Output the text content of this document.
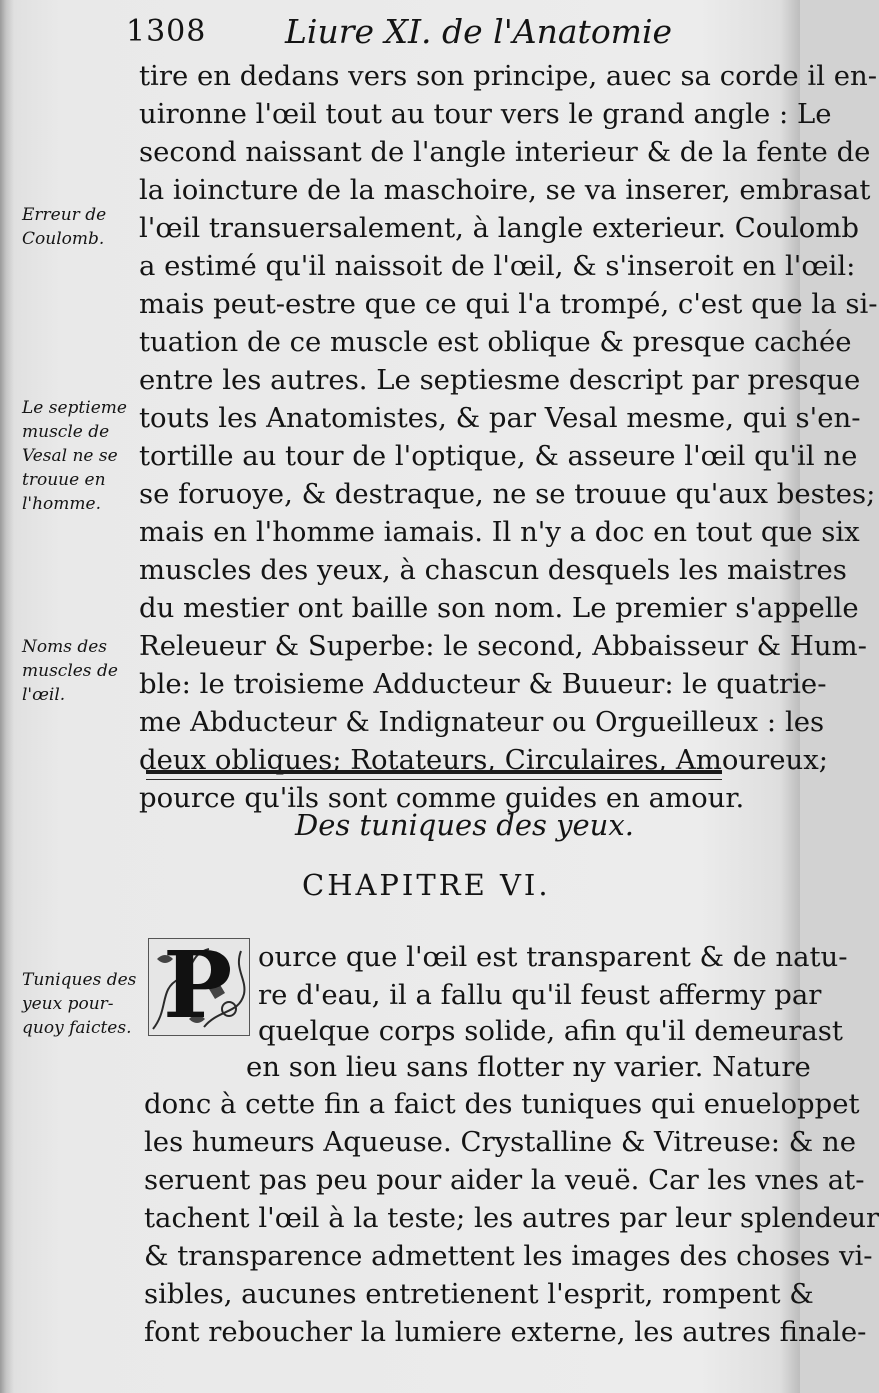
1308 Liure XI. de l'Anatomie
tire en dedans vers son principe, auec sa corde il en-
uironne l'œil tout au tour vers le grand angle : Le
second naissant de l'angle interieur & de la fente de
la ioincture de la maschoire, se va inserer, embrasat
l'œil transuersalement, à langle exterieur. Coulomb
a estimé qu'il naissoit de l'œil, & s'inseroit en l'œil:
mais peut-estre que ce qui l'a trompé, c'est que la si-
tuation de ce muscle est oblique & presque cachée
entre les autres. Le septiesme descript par presque
touts les Anatomistes, & par Vesal mesme, qui s'en-
tortille au tour de l'optique, & asseure l'œil qu'il ne
se foruoye, & destraque, ne se trouue qu'aux bestes;
mais en l'homme iamais. Il n'y a doc en tout que six
muscles des yeux, à chascun desquels les maistres
du mestier ont baille son nom. Le premier s'appelle
Releueur & Superbe: le second, Abbaisseur & Hum-
ble: le troisieme Adducteur & Buueur: le quatrie-
me Abducteur & Indignateur ou Orgueilleux : les
deux obliques; Rotateurs, Circulaires, Amoureux;
pource qu'ils sont comme guides en amour.
Erreur de
Coulomb.
Le septieme
muscle de
Vesal ne se
trouue en
l'homme.
Noms des
muscles de
l'œil.
Tuniques des
yeux pour-
quoy faictes.
Des tuniques des yeux.
CHAPITRE VI.
P ource que l'œil est transparent & de natu-
re d'eau, il a fallu qu'il feust affermy par
quelque corps solide, afin qu'il demeurast
en son lieu sans flotter ny varier. Nature
donc à cette fin a faict des tuniques qui enueloppet
les humeurs Aqueuse. Crystalline & Vitreuse: & ne
seruent pas peu pour aider la veuë. Car les vnes at-
tachent l'œil à la teste; les autres par leur splendeur
& transparence admettent les images des choses vi-
sibles, aucunes entretienent l'esprit, rompent &
font reboucher la lumiere externe, les autres finale-
